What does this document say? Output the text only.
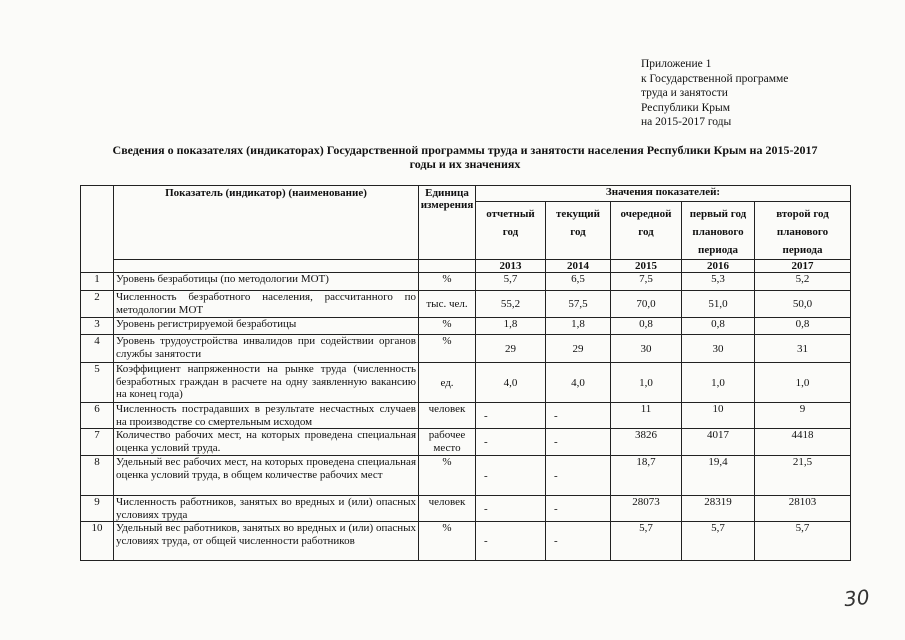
Приложение 1
к Государственной программе
труда и занятости
Республики Крым
на 2015-2017 годы
Сведения о показателях (индикаторах) Государственной программы труда и занятости населения Республики Крым на 2015-2017
годы и их значениях
	Показатель (индикатор) (наименование)	Единица измерения	Значения показателей:				
			отчетный год	текущий год	очередной год	первый год планового периода	второй год планового периода
			2013	2014	2015	2016	2017
1	Уровень безработицы (по методологии МОТ)	%	5,7	6,5	7,5	5,3	5,2
2	Численность безработного населения, рассчитанного по методологии МОТ	тыс. чел.	55,2	57,5	70,0	51,0	50,0
3	Уровень регистрируемой безработицы	%	1,8	1,8	0,8	0,8	0,8
4	Уровень трудоустройства инвалидов при содействии органов службы занятости	%	29	29	30	30	31
5	Коэффициент напряженности на рынке труда (численность безработных граждан в расчете на одну заявленную вакансию на конец года)	ед.	4,0	4,0	1,0	1,0	1,0
6	Численность пострадавших в результате несчастных случаев на производстве со смертельным исходом	человек	-	-	11	10	9
7	Количество рабочих мест, на которых проведена специальная оценка условий труда.	рабочее место	-	-	3826	4017	4418
8	Удельный вес рабочих мест, на которых проведена специальная оценка условий труда, в общем количестве рабочих мест	%	-	-	18,7	19,4	21,5
9	Численность работников, занятых во вредных и (или) опасных условиях труда	человек	-	-	28073	28319	28103
10	Удельный вес работников, занятых во вредных и (или) опасных условиях труда, от общей численности работников	%	-	-	5,7	5,7	5,7
30
